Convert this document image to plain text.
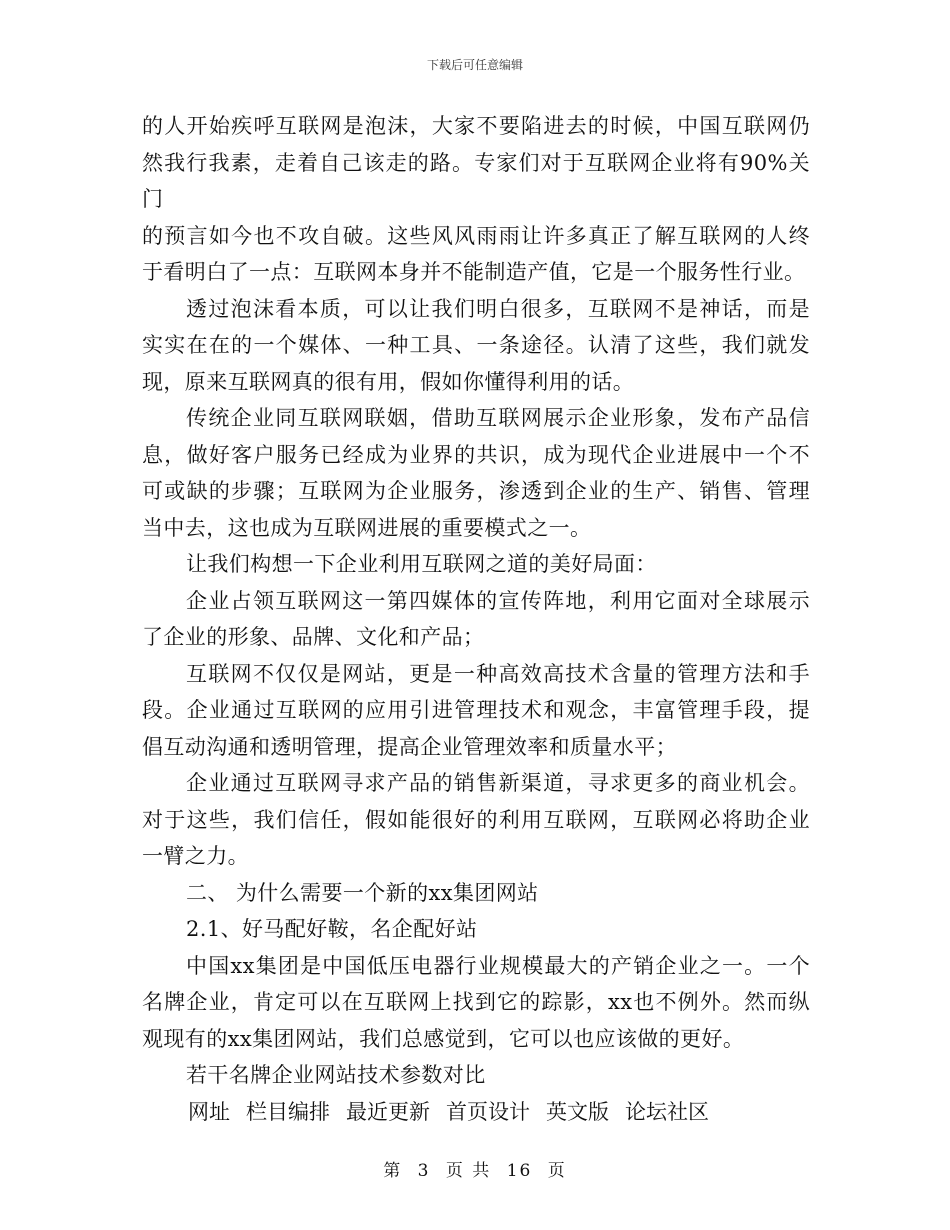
下载后可任意编辑

的人开始疾呼互联网是泡沫，大家不要陷进去的时候，中国互联网仍

然我行我素，走着自己该走的路。专家们对于互联网企业将有90%关门

的预言如今也不攻自破。这些风风雨雨让许多真正了解互联网的人终

于看明白了一点：互联网本身并不能制造产值，它是一个服务性行业。

透过泡沫看本质，可以让我们明白很多，互联网不是神话，而是

实实在在的一个媒体、一种工具、一条途径。认清了这些，我们就发

现，原来互联网真的很有用，假如你懂得利用的话。

传统企业同互联网联姻，借助互联网展示企业形象，发布产品信

息，做好客户服务已经成为业界的共识，成为现代企业进展中一个不

可或缺的步骤；互联网为企业服务，渗透到企业的生产、销售、管理

当中去，这也成为互联网进展的重要模式之一。

让我们构想一下企业利用互联网之道的美好局面：

企业占领互联网这一第四媒体的宣传阵地，利用它面对全球展示

了企业的形象、品牌、文化和产品；

互联网不仅仅是网站，更是一种高效高技术含量的管理方法和手

段。企业通过互联网的应用引进管理技术和观念，丰富管理手段，提

倡互动沟通和透明管理，提高企业管理效率和质量水平；

企业通过互联网寻求产品的销售新渠道，寻求更多的商业机会。

对于这些，我们信任，假如能很好的利用互联网，互联网必将助企业

一臂之力。

二、 为什么需要一个新的xx集团网站

2.1、好马配好鞍，名企配好站

中国xx集团是中国低压电器行业规模最大的产销企业之一。一个

名牌企业，肯定可以在互联网上找到它的踪影，xx也不例外。然而纵

观现有的xx集团网站，我们总感觉到，它可以也应该做的更好。

若干名牌企业网站技术参数对比

网址 栏目编排 最近更新 首页设计 英文版 论坛社区
第 3 页 共 16 页
